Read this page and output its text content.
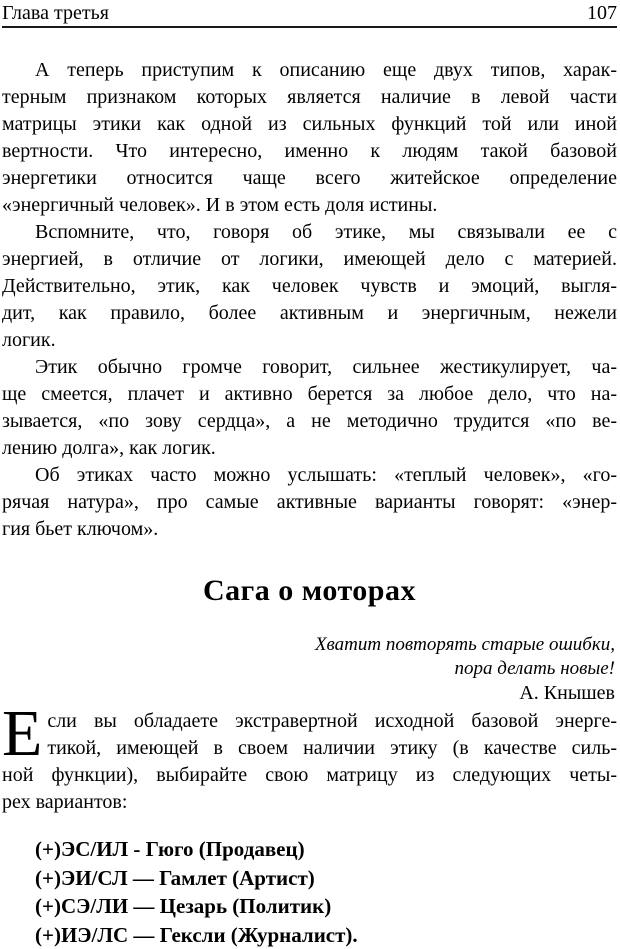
Глава третья	107
А теперь приступим к описанию еще двух типов, харак-
терным признаком которых является наличие в левой части
матрицы этики как одной из сильных функций той или иной
вертности. Что интересно, именно к людям такой базовой
энергетики относится чаще всего житейское определение
«энергичный человек». И в этом есть доля истины.
Вспомните, что, говоря об этике, мы связывали ее с
энергией, в отличие от логики, имеющей дело с материей.
Действительно, этик, как человек чувств и эмоций, выгля-
дит, как правило, более активным и энергичным, нежели
логик.
Этик обычно громче говорит, сильнее жестикулирует, ча-
ще смеется, плачет и активно берется за любое дело, что на-
зывается, «по зову сердца», а не методично трудится «по ве-
лению долга», как логик.
Об этиках часто можно услышать: «теплый человек», «го-
рячая натура», про самые активные варианты говорят: «энер-
гия бьет ключом».
Сага о моторах
Хватит повторять старые ошибки,
пора делать новые!
А. Кнышев
Е сли вы обладаете экстравертной исходной базовой энерге-
тикой, имеющей в своем наличии этику (в качестве силь-
ной функции), выбирайте свою матрицу из следующих четы-
рех вариантов:
(+)ЭС/ИЛ - Гюго (Продавец)
(+)ЭИ/СЛ — Гамлет (Артист)
(+)СЭ/ЛИ — Цезарь (Политик)
(+)ИЭ/ЛС — Гексли (Журналист).
